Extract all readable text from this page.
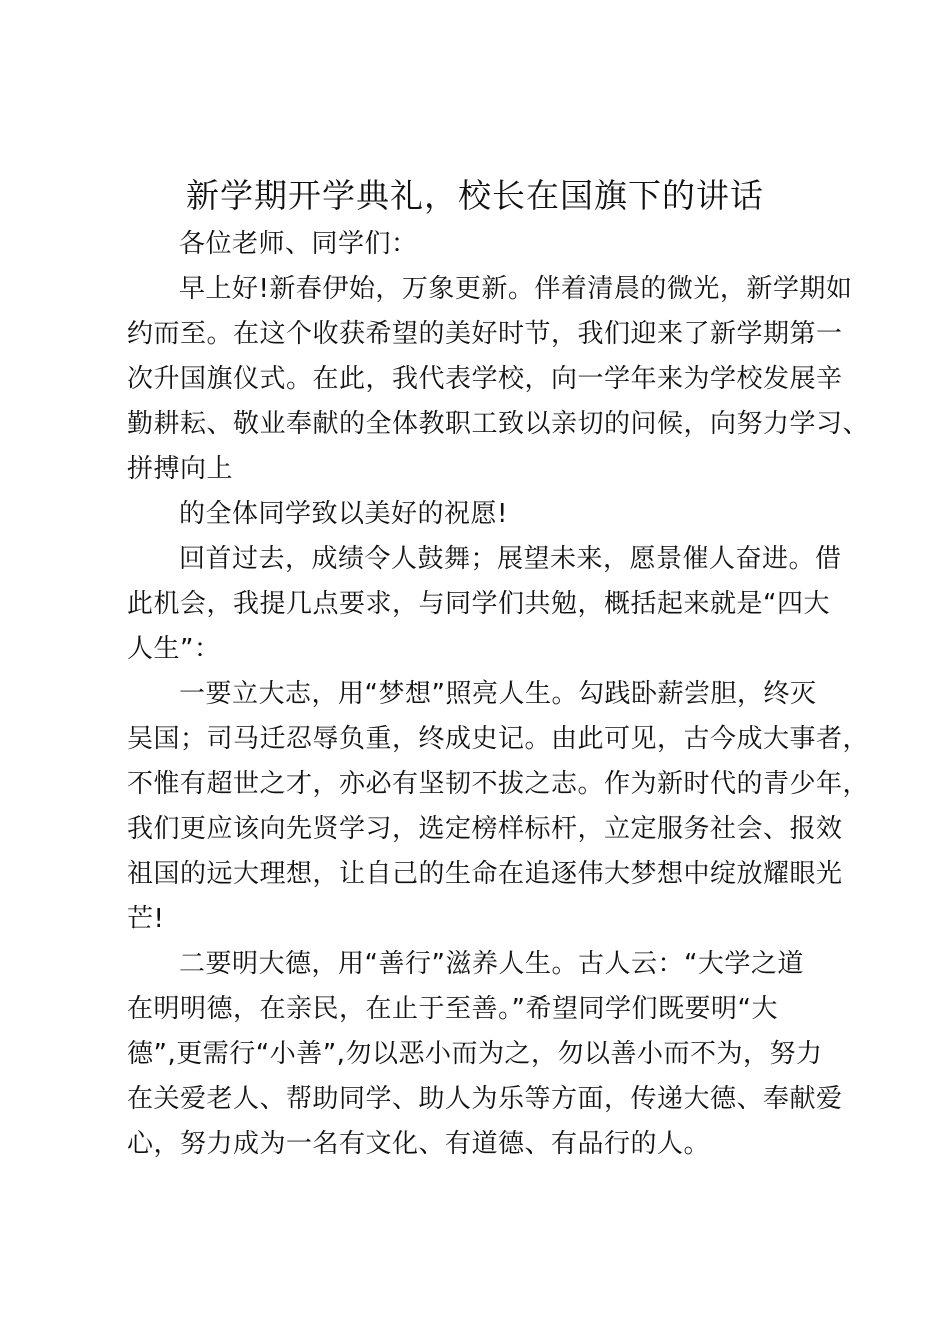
新学期开学典礼，校长在国旗下的讲话

各位老师、同学们：

早上好!新春伊始，万象更新。伴着清晨的微光，新学期如
约而至。在这个收获希望的美好时节，我们迎来了新学期第一
次升国旗仪式。在此，我代表学校，向一学年来为学校发展辛
勤耕耘、敬业奉献的全体教职工致以亲切的问候，向努力学习、
拼搏向上

的全体同学致以美好的祝愿!

回首过去，成绩令人鼓舞；展望未来，愿景催人奋进。借
此机会，我提几点要求，与同学们共勉，概括起来就是“四大
人生”：

一要立大志，用“梦想”照亮人生。勾践卧薪尝胆，终灭
吴国；司马迁忍辱负重，终成史记。由此可见，古今成大事者，
不惟有超世之才，亦必有坚韧不拔之志。作为新时代的青少年，
我们更应该向先贤学习，选定榜样标杆，立定服务社会、报效
祖国的远大理想，让自己的生命在追逐伟大梦想中绽放耀眼光
芒!

二要明大德，用“善行”滋养人生。古人云：“大学之道
在明明德，在亲民，在止于至善。”希望同学们既要明“大
德”,更需行“小善”,勿以恶小而为之，勿以善小而不为，努力
在关爱老人、帮助同学、助人为乐等方面，传递大德、奉献爱
心，努力成为一名有文化、有道德、有品行的人。
